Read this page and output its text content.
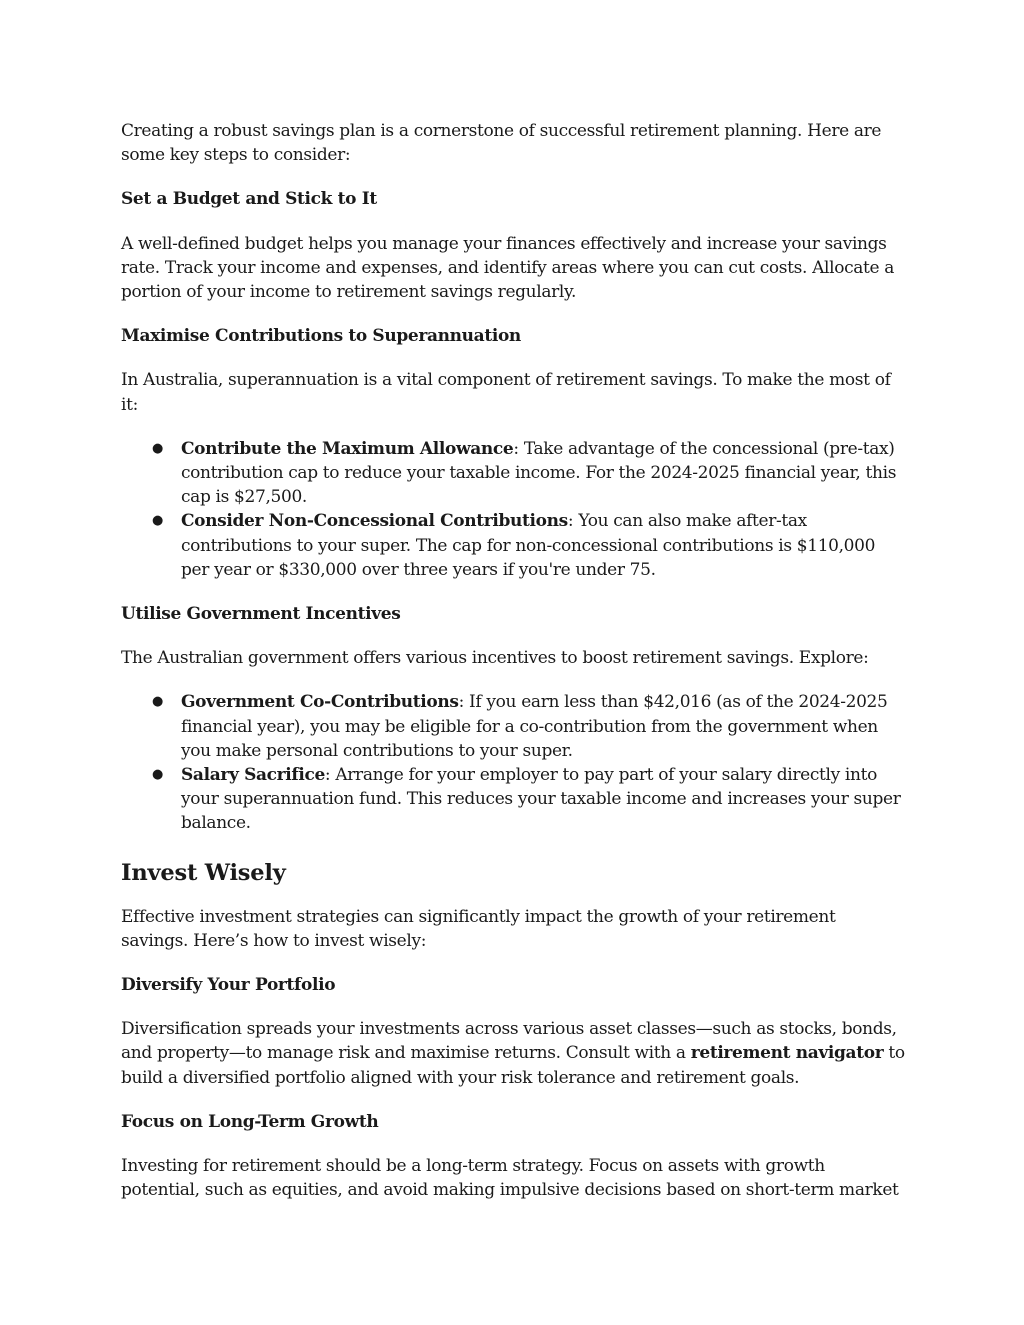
Creating a robust savings plan is a cornerstone of successful retirement planning. Here are some key steps to consider:

Set a Budget and Stick to It

A well-defined budget helps you manage your finances effectively and increase your savings rate. Track your income and expenses, and identify areas where you can cut costs. Allocate a portion of your income to retirement savings regularly.

Maximise Contributions to Superannuation

In Australia, superannuation is a vital component of retirement savings. To make the most of it:

● Contribute the Maximum Allowance: Take advantage of the concessional (pre-tax) contribution cap to reduce your taxable income. For the 2024-2025 financial year, this cap is $27,500.
● Consider Non-Concessional Contributions: You can also make after-tax contributions to your super. The cap for non-concessional contributions is $110,000 per year or $330,000 over three years if you're under 75.
Utilise Government Incentives

The Australian government offers various incentives to boost retirement savings. Explore:

● Government Co-Contributions: If you earn less than $42,016 (as of the 2024-2025 financial year), you may be eligible for a co-contribution from the government when you make personal contributions to your super.
● Salary Sacrifice: Arrange for your employer to pay part of your salary directly into your superannuation fund. This reduces your taxable income and increases your super balance.
Invest Wisely

Effective investment strategies can significantly impact the growth of your retirement savings. Here’s how to invest wisely:

Diversify Your Portfolio

Diversification spreads your investments across various asset classes—such as stocks, bonds, and property—to manage risk and maximise returns. Consult with a retirement navigator to build a diversified portfolio aligned with your risk tolerance and retirement goals.

Focus on Long-Term Growth

Investing for retirement should be a long-term strategy. Focus on assets with growth potential, such as equities, and avoid making impulsive decisions based on short-term market
